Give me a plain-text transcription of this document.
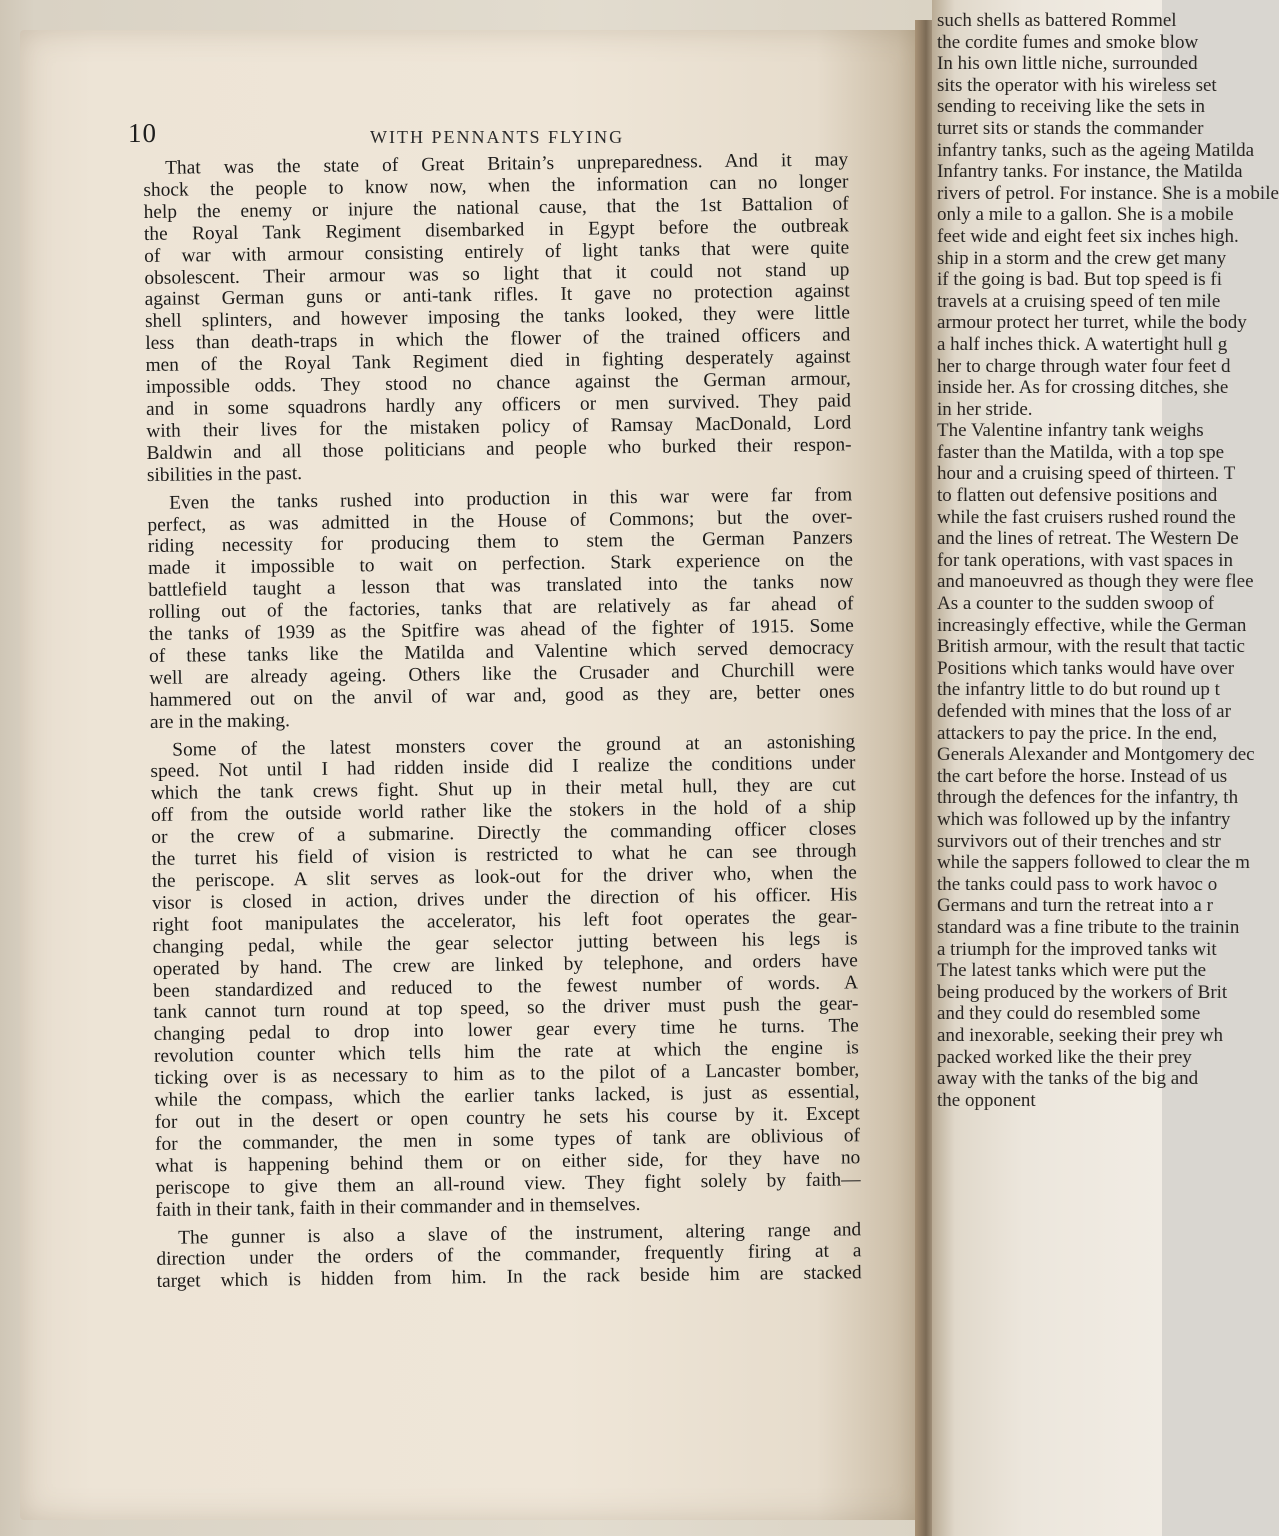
10	WITH PENNANTS FLYING
That was the state of Great Britain’s unpreparedness. And it may
shock the people to know now, when the information can no longer
help the enemy or injure the national cause, that the 1st Battalion of
the Royal Tank Regiment disembarked in Egypt before the outbreak
of war with armour consisting entirely of light tanks that were quite
obsolescent. Their armour was so light that it could not stand up
against German guns or anti-tank rifles. It gave no protection against
shell splinters, and however imposing the tanks looked, they were little
less than death-traps in which the flower of the trained officers and
men of the Royal Tank Regiment died in fighting desperately against
impossible odds. They stood no chance against the German armour,
and in some squadrons hardly any officers or men survived. They paid
with their lives for the mistaken policy of Ramsay MacDonald, Lord
Baldwin and all those politicians and people who burked their respon-
sibilities in the past.
Even the tanks rushed into production in this war were far from
perfect, as was admitted in the House of Commons; but the over-
riding necessity for producing them to stem the German Panzers
made it impossible to wait on perfection. Stark experience on the
battlefield taught a lesson that was translated into the tanks now
rolling out of the factories, tanks that are relatively as far ahead of
the tanks of 1939 as the Spitfire was ahead of the fighter of 1915. Some
of these tanks like the Matilda and Valentine which served democracy
well are already ageing. Others like the Crusader and Churchill were
hammered out on the anvil of war and, good as they are, better ones
are in the making.
Some of the latest monsters cover the ground at an astonishing
speed. Not until I had ridden inside did I realize the conditions under
which the tank crews fight. Shut up in their metal hull, they are cut
off from the outside world rather like the stokers in the hold of a ship
or the crew of a submarine. Directly the commanding officer closes
the turret his field of vision is restricted to what he can see through
the periscope. A slit serves as look-out for the driver who, when the
visor is closed in action, drives under the direction of his officer. His
right foot manipulates the accelerator, his left foot operates the gear-
changing pedal, while the gear selector jutting between his legs is
operated by hand. The crew are linked by telephone, and orders have
been standardized and reduced to the fewest number of words. A
tank cannot turn round at top speed, so the driver must push the gear-
changing pedal to drop into lower gear every time he turns. The
revolution counter which tells him the rate at which the engine is
ticking over is as necessary to him as to the pilot of a Lancaster bomber,
while the compass, which the earlier tanks lacked, is just as essential,
for out in the desert or open country he sets his course by it. Except
for the commander, the men in some types of tank are oblivious of
what is happening behind them or on either side, for they have no
periscope to give them an all-round view. They fight solely by faith—
faith in their tank, faith in their commander and in themselves.
The gunner is also a slave of the instrument, altering range and
direction under the orders of the commander, frequently firing at a
target which is hidden from him. In the rack beside him are stacked
such shells as battered Rommel
the cordite fumes and smoke blow
In his own little niche, surrounded
sits the operator with his wireless set
sending to receiving like the sets in
turret sits or stands the commander
infantry tanks, such as the ageing Matilda
Infantry tanks. For instance, the Matilda
rivers of petrol. For instance. She is a mobile
only a mile to a gallon. She is a mobile
feet wide and eight feet six inches high.
ship in a storm and the crew get many
if the going is bad. But top speed is fi
travels at a cruising speed of ten mile
armour protect her turret, while the body
a half inches thick. A watertight hull g
her to charge through water four feet d
inside her. As for crossing ditches, she
in her stride.
The Valentine infantry tank weighs
faster than the Matilda, with a top spe
hour and a cruising speed of thirteen. T
to flatten out defensive positions and
while the fast cruisers rushed round the
and the lines of retreat. The Western De
for tank operations, with vast spaces in
and manoeuvred as though they were flee
As a counter to the sudden swoop of
increasingly effective, while the German
British armour, with the result that tactic
Positions which tanks would have over
the infantry little to do but round up t
defended with mines that the loss of ar
attackers to pay the price. In the end,
Generals Alexander and Montgomery dec
the cart before the horse. Instead of us
through the defences for the infantry, th
which was followed up by the infantry
survivors out of their trenches and str
while the sappers followed to clear the m
the tanks could pass to work havoc o
Germans and turn the retreat into a r
standard was a fine tribute to the trainin
a triumph for the improved tanks wit
The latest tanks which were put the
being produced by the workers of Brit
and they could do resembled some
and inexorable, seeking their prey wh
packed worked like the their prey
away with the tanks of the big and
the opponent
